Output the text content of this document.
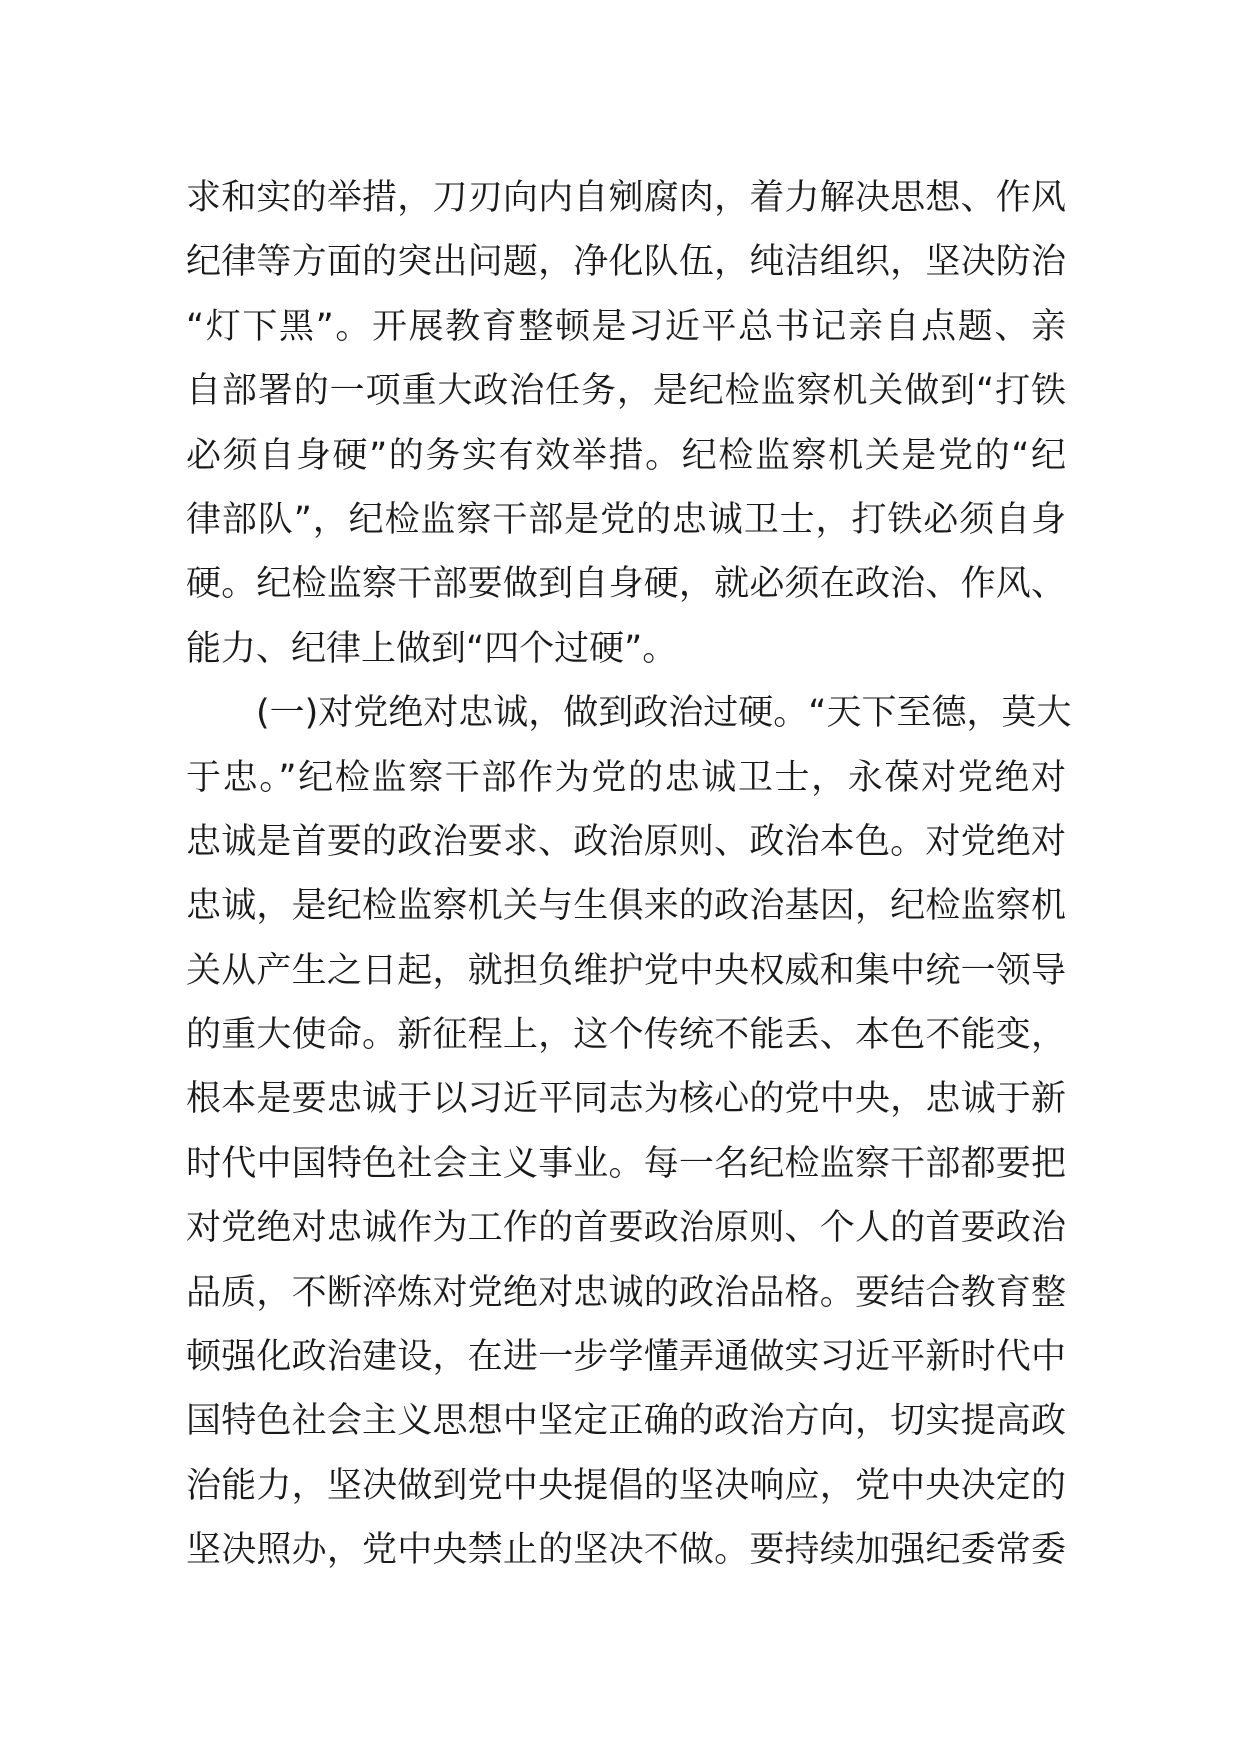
求和实的举措，刀刃向内自剜腐肉，着力解决思想、作风
纪律等方面的突出问题，净化队伍，纯洁组织，坚决防治
“灯下黑”。开展教育整顿是习近平总书记亲自点题、亲
自部署的一项重大政治任务，是纪检监察机关做到“打铁
必须自身硬”的务实有效举措。纪检监察机关是党的“纪
律部队”，纪检监察干部是党的忠诚卫士，打铁必须自身
硬。纪检监察干部要做到自身硬，就必须在政治、作风、
能力、纪律上做到“四个过硬”。
(一)对党绝对忠诚，做到政治过硬。“天下至德，莫大
于忠。”纪检监察干部作为党的忠诚卫士，永葆对党绝对
忠诚是首要的政治要求、政治原则、政治本色。对党绝对
忠诚，是纪检监察机关与生俱来的政治基因，纪检监察机
关从产生之日起，就担负维护党中央权威和集中统一领导
的重大使命。新征程上，这个传统不能丢、本色不能变，
根本是要忠诚于以习近平同志为核心的党中央，忠诚于新
时代中国特色社会主义事业。每一名纪检监察干部都要把
对党绝对忠诚作为工作的首要政治原则、个人的首要政治
品质，不断淬炼对党绝对忠诚的政治品格。要结合教育整
顿强化政治建设，在进一步学懂弄通做实习近平新时代中
国特色社会主义思想中坚定正确的政治方向，切实提高政
治能力，坚决做到党中央提倡的坚决响应，党中央决定的
坚决照办，党中央禁止的坚决不做。要持续加强纪委常委
